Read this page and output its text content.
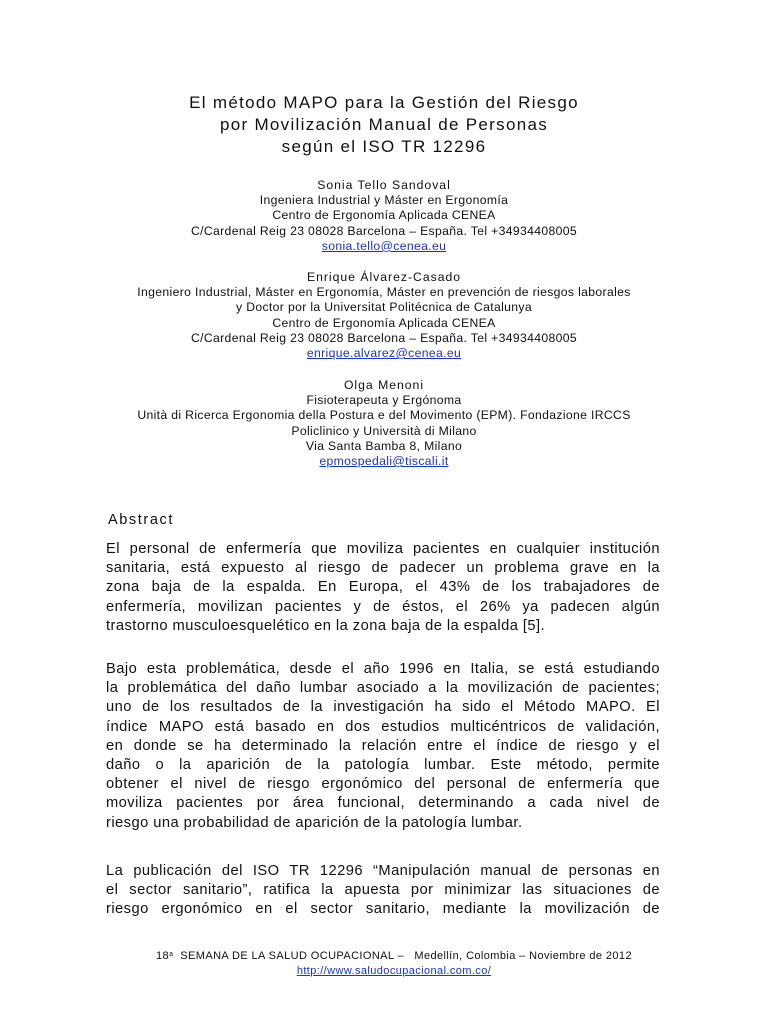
El método MAPO para la Gestión del Riesgo
por Movilización Manual de Personas
según el ISO TR 12296
Sonia Tello Sandoval
Ingeniera Industrial y Máster en Ergonomía
Centro de Ergonomía Aplicada CENEA
C/Cardenal Reig 23 08028 Barcelona – España. Tel +34934408005
sonia.tello@cenea.eu
Enrique Álvarez-Casado
Ingeniero Industrial, Máster en Ergonomía, Máster en prevención de riesgos laborales
y Doctor por la Universitat Politécnica de Catalunya
Centro de Ergonomía Aplicada CENEA
C/Cardenal Reig 23 08028 Barcelona – España. Tel +34934408005
enrique.alvarez@cenea.eu
Olga Menoni
Fisioterapeuta y Ergónoma
Unità di Ricerca Ergonomia della Postura e del Movimento (EPM). Fondazione IRCCS
Policlinico y Università di Milano
Via Santa Bamba 8, Milano
epmospedali@tiscali.it
Abstract
El personal de enfermería que moviliza pacientes en cualquier institución
sanitaria, está expuesto al riesgo de padecer un problema grave en la
zona baja de la espalda. En Europa, el 43% de los trabajadores de
enfermería, movilizan pacientes y de éstos, el 26% ya padecen algún
trastorno musculoesquelético en la zona baja de la espalda [5].
Bajo esta problemática, desde el año 1996 en Italia, se está estudiando
la problemática del daño lumbar asociado a la movilización de pacientes;
uno de los resultados de la investigación ha sido el Método MAPO. El
índice MAPO está basado en dos estudios multicéntricos de validación,
en donde se ha determinado la relación entre el índice de riesgo y el
daño o la aparición de la patología lumbar. Este método, permite
obtener el nivel de riesgo ergonómico del personal de enfermería que
moviliza pacientes por área funcional, determinando a cada nivel de
riesgo una probabilidad de aparición de la patología lumbar.
La publicación del ISO TR 12296 “Manipulación manual de personas en
el sector sanitario”, ratifica la apuesta por minimizar las situaciones de
riesgo ergonómico en el sector sanitario, mediante la movilización de
18$^a$ SEMANA DE LA SALUD OCUPACIONAL – Medellín, Colombia – Noviembre de 2012
http://www.saludocupacional.com.co/
